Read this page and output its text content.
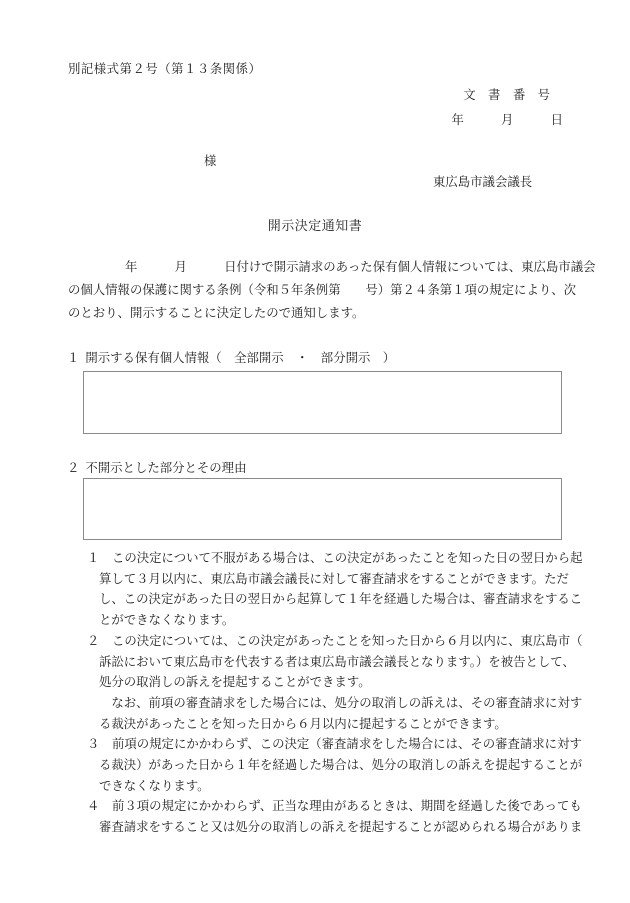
別記様式第２号（第１３条関係）
文　書　番　号
年　　　月　　　日
様
東広島市議会議長
開示決定通知書
年　　　月　　　日付けで開示請求のあった保有個人情報については、東広島市議会
の個人情報の保護に関する条例（令和５年条例第　　号）第２４条第１項の規定により、次
のとおり、開示することに決定したので通知します。
１ 開示する保有個人情報（　全部開示　・　部分開示　）
２ 不開示とした部分とその理由
１ この決定について不服がある場合は、この決定があったことを知った日の翌日から起
算して３月以内に、東広島市議会議長に対して審査請求をすることができます。ただ
し、この決定があった日の翌日から起算して１年を経過した場合は、審査請求をするこ
とができなくなります。
２ この決定については、この決定があったことを知った日から６月以内に、東広島市（
訴訟において東広島市を代表する者は東広島市議会議長となります。）を被告として、
処分の取消しの訴えを提起することができます。
　なお、前項の審査請求をした場合には、処分の取消しの訴えは、その審査請求に対す
る裁決があったことを知った日から６月以内に提起することができます。
３ 前項の規定にかかわらず、この決定（審査請求をした場合には、その審査請求に対す
る裁決）があった日から１年を経過した場合は、処分の取消しの訴えを提起することが
できなくなります。
４ 前３項の規定にかかわらず、正当な理由があるときは、期間を経過した後であっても
審査請求をすること又は処分の取消しの訴えを提起することが認められる場合がありま
